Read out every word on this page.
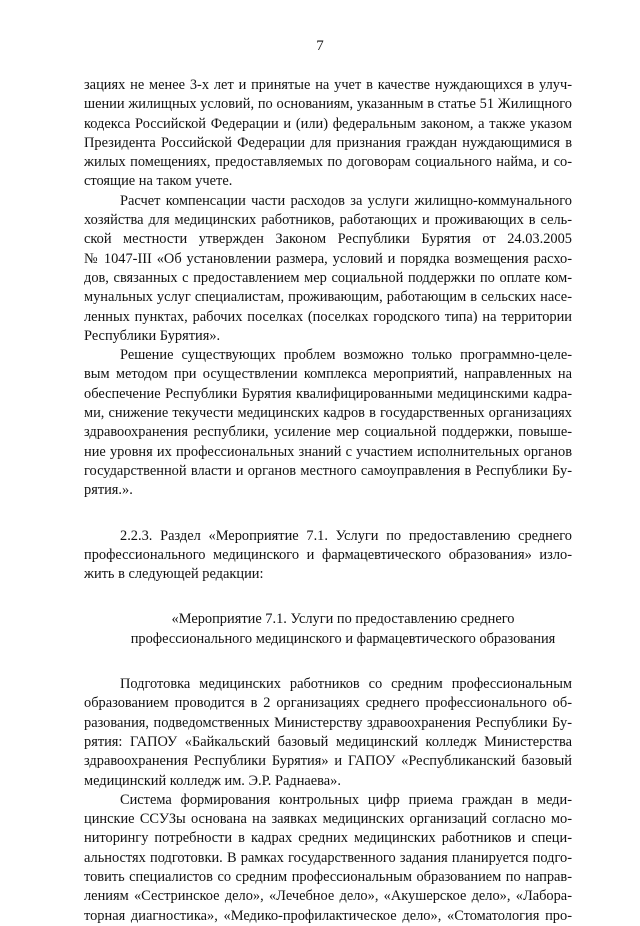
7
зациях не менее 3-х лет и принятые на учет в качестве нуждающихся в улуч-
шении жилищных условий, по основаниям, указанным в статье 51 Жилищного
кодекса Российской Федерации и (или) федеральным законом, а также указом
Президента Российской Федерации для признания граждан нуждающимися в
жилых помещениях, предоставляемых по договорам социального найма, и со-
стоящие на таком учете.
Расчет компенсации части расходов за услуги жилищно-коммунального
хозяйства для медицинских работников, работающих и проживающих в сель-
ской местности утвержден Законом Республики Бурятия от 24.03.2005
№ 1047-III «Об установлении размера, условий и порядка возмещения расхо-
дов, связанных с предоставлением мер социальной поддержки по оплате ком-
мунальных услуг специалистам, проживающим, работающим в сельских насе-
ленных пунктах, рабочих поселках (поселках городского типа) на территории
Республики Бурятия».
Решение существующих проблем возможно только программно-целе-
вым методом при осуществлении комплекса мероприятий, направленных на
обеспечение Республики Бурятия квалифицированными медицинскими кадра-
ми, снижение текучести медицинских кадров в государственных организациях
здравоохранения республики, усиление мер социальной поддержки, повыше-
ние уровня их профессиональных знаний с участием исполнительных органов
государственной власти и органов местного самоуправления в Республики Бу-
рятия.».
2.2.3. Раздел «Мероприятие 7.1. Услуги по предоставлению среднего
профессионального медицинского и фармацевтического образования» изло-
жить в следующей редакции:
«Мероприятие 7.1. Услуги по предоставлению среднего
профессионального медицинского и фармацевтического образования
Подготовка медицинских работников со средним профессиональным
образованием проводится в 2 организациях среднего профессионального об-
разования, подведомственных Министерству здравоохранения Республики Бу-
рятия: ГАПОУ «Байкальский базовый медицинский колледж Министерства
здравоохранения Республики Бурятия» и ГАПОУ «Республиканский базовый
медицинский колледж им. Э.Р. Раднаева».
Система формирования контрольных цифр приема граждан в меди-
цинские ССУЗы основана на заявках медицинских организаций согласно мо-
ниторингу потребности в кадрах средних медицинских работников и специ-
альностях подготовки. В рамках государственного задания планируется подго-
товить специалистов со средним профессиональным образованием по направ-
лениям «Сестринское дело», «Лечебное дело», «Акушерское дело», «Лабора-
торная диагностика», «Медико-профилактическое дело», «Стоматология про-
